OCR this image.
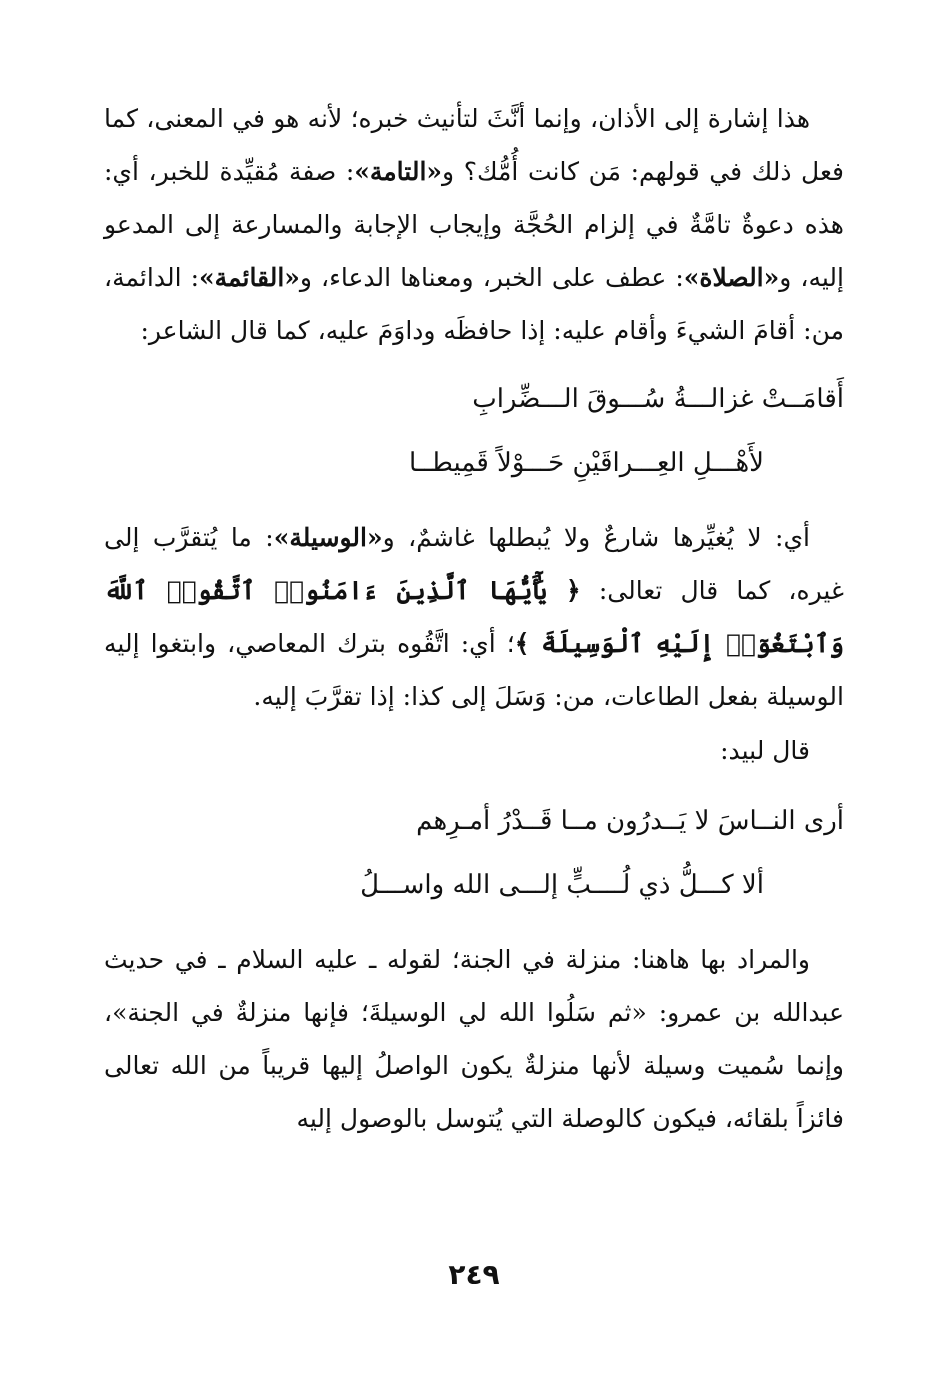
هذا إشارة إلى الأذان، وإنما أنَّثَ لتأنيث خبره؛ لأنه هو في المعنى، كما فعل ذلك في قولهم: مَن كانت أُمُّك؟ و«التامة»: صفة مُقيِّدة للخبر، أي: هذه دعوةٌ تامَّةٌ في إلزام الحُجَّة وإيجاب الإجابة والمسارعة إلى المدعو إليه، و«الصلاة»: عطف على الخبر، ومعناها الدعاء، و«القائمة»: الدائمة، من: أقامَ الشيءَ وأقام عليه: إذا حافظَه وداوَمَ عليه، كما قال الشاعر:

أَقامَــتْ غزالـــةُ سُـــوقَ الـــضِّرابِ

لأَهْـــلِ العِـــراقَيْنِ حَـــوْلاً قَمِيطــا

أي: لا يُغيِّرها شارعٌ ولا يُبطلها غاشمٌ، و«الوسيلة»: ما يُتقرَّب إلى غيره، كما قال تعالى: ﴿ يَٰٓأَيُّهَا ٱلَّذِينَ ءَامَنُوا۟ ٱتَّقُوا۟ ٱللَّهَ وَٱبْتَغُوٓا۟ إِلَيْهِ ٱلْوَسِيلَةَ ﴾؛ أي: اتَّقُوه بترك المعاصي، وابتغوا إليه الوسيلة بفعل الطاعات، من: وَسَلَ إلى كذا: إذا تقرَّبَ إليه.

قال لبيد:

أرى النــاسَ لا يَــدرُون مــا قَــدْرُ أمـرِهم

ألا كـــلُّ ذي لُــــبٍّ إلـــى الله واســـلُ

والمراد بها هاهنا: منزلة في الجنة؛ لقوله ـ عليه السلام ـ في حديث عبدالله بن عمرو: «ثم سَلُوا الله لي الوسيلةَ؛ فإنها منزلةٌ في الجنة»، وإنما سُميت وسيلة لأنها منزلةٌ يكون الواصلُ إليها قريباً من الله تعالى فائزاً بلقائه، فيكون كالوصلة التي يُتوسل بالوصول إليه

٢٤٩
